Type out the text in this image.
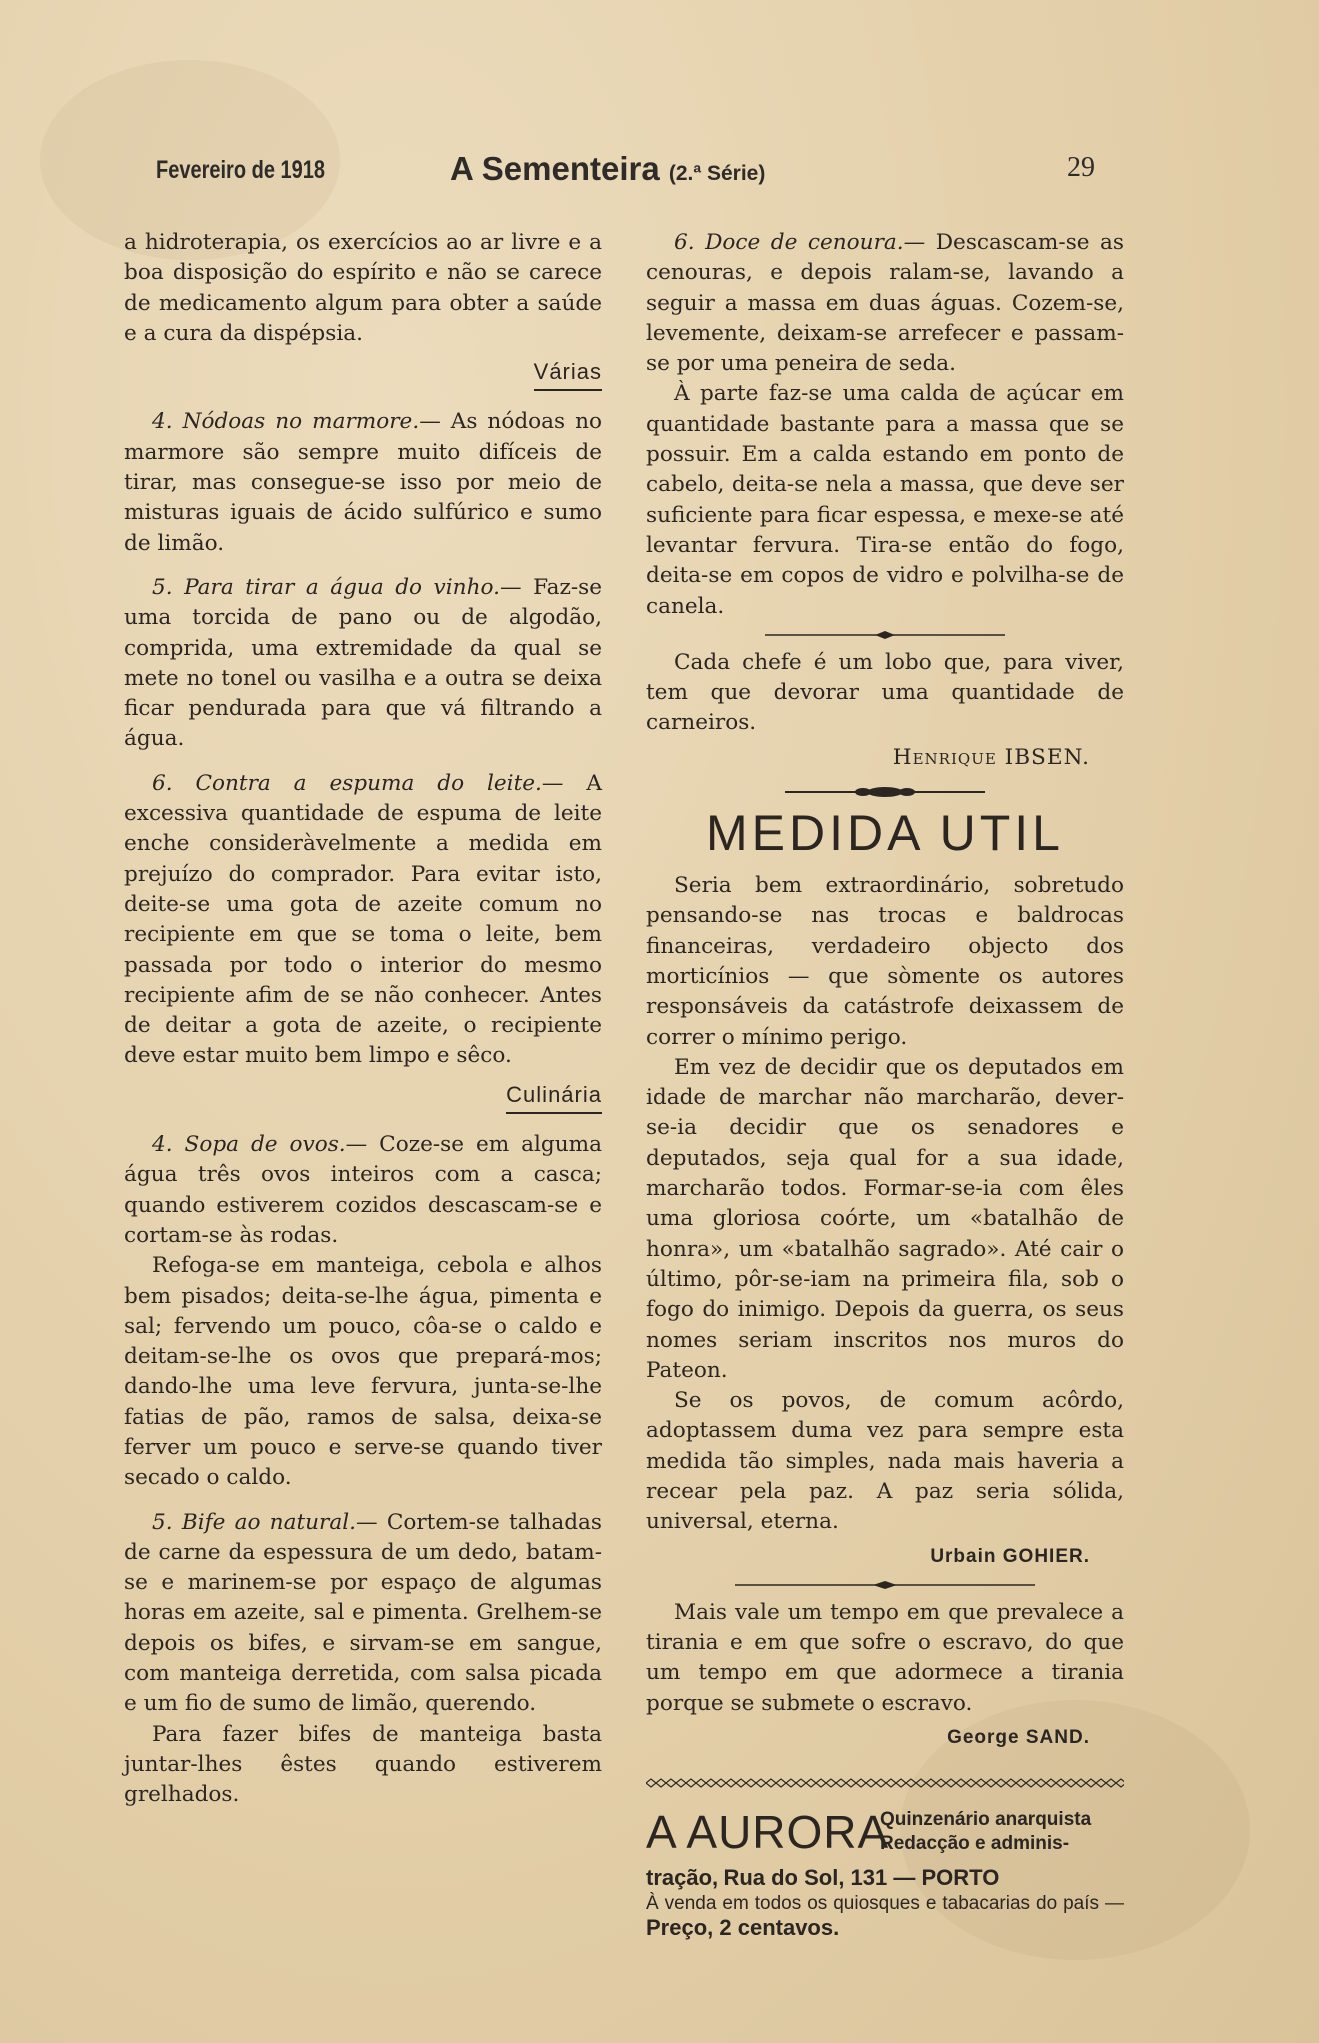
Fevereiro de 1918	A Sementeira (2.ª Série)	29

a hidroterapia, os exercícios ao ar livre e a boa disposição do espírito e não se carece de medicamento algum para obter a saúde e a cura da dispépsia.

Várias

4. Nódoas no marmore.— As nódoas no marmore são sempre muito difíceis de tirar, mas consegue-se isso por meio de misturas iguais de ácido sulfúrico e sumo de limão.

5. Para tirar a água do vinho.— Faz-se uma torcida de pano ou de algodão, comprida, uma extremidade da qual se mete no tonel ou vasilha e a outra se deixa ficar pendurada para que vá filtrando a água.

6. Contra a espuma do leite.— A excessiva quantidade de espuma de leite enche consideràvelmente a medida em prejuízo do comprador. Para evitar isto, deite-se uma gota de azeite comum no recipiente em que se toma o leite, bem passada por todo o interior do mesmo recipiente afim de se não conhecer. Antes de deitar a gota de azeite, o recipiente deve estar muito bem limpo e sêco.

Culinária

4. Sopa de ovos.— Coze-se em alguma água três ovos inteiros com a casca; quando estiverem cozidos descascam-se e cortam-se às rodas.

Refoga-se em manteiga, cebola e alhos bem pisados; deita-se-lhe água, pimenta e sal; fervendo um pouco, côa-se o caldo e deitam-se-lhe os ovos que prepará-mos; dando-lhe uma leve fervura, junta-se-lhe fatias de pão, ramos de salsa, deixa-se ferver um pouco e serve-se quando tiver secado o caldo.

5. Bife ao natural.— Cortem-se talhadas de carne da espessura de um dedo, batam-se e marinem-se por espaço de algumas horas em azeite, sal e pimenta. Grelhem-se depois os bifes, e sirvam-se em sangue, com manteiga derretida, com salsa picada e um fio de sumo de limão, querendo.

Para fazer bifes de manteiga basta juntar-lhes êstes quando estiverem grelhados.

6. Doce de cenoura.— Descascam-se as cenouras, e depois ralam-se, lavando a seguir a massa em duas águas. Cozem-se, levemente, deixam-se arrefecer e passam-se por uma peneira de seda.

À parte faz-se uma calda de açúcar em quantidade bastante para a massa que se possuir. Em a calda estando em ponto de cabelo, deita-se nela a massa, que deve ser suficiente para ficar espessa, e mexe-se até levantar fervura. Tira-se então do fogo, deita-se em copos de vidro e polvilha-se de canela.

Cada chefe é um lobo que, para viver, tem que devorar uma quantidade de carneiros.

Henrique IBSEN.
MEDIDA UTIL

Seria bem extraordinário, sobretudo pensando-se nas trocas e baldrocas financeiras, verdadeiro objecto dos morticínios — que sòmente os autores responsáveis da catástrofe deixassem de correr o mínimo perigo.

Em vez de decidir que os deputados em idade de marchar não marcharão, dever-se-ia decidir que os senadores e deputados, seja qual for a sua idade, marcharão todos. Formar-se-ia com êles uma gloriosa coórte, um «batalhão de honra», um «batalhão sagrado». Até cair o último, pôr-se-iam na primeira fila, sob o fogo do inimigo. Depois da guerra, os seus nomes seriam inscritos nos muros do Pateon.

Se os povos, de comum acôrdo, adoptassem duma vez para sempre esta medida tão simples, nada mais haveria a recear pela paz. A paz seria sólida, universal, eterna.

Urbain GOHIER.

Mais vale um tempo em que prevalece a tirania e em que sofre o escravo, do que um tempo em que adormece a tirania porque se submete o escravo.

George SAND.
A AURORA
Quinzenário anarquista
Redacção e adminis-
tração, Rua do Sol, 131 — PORTO
À venda em todos os quiosques e tabacarias do país —Preço, 2 centavos.
